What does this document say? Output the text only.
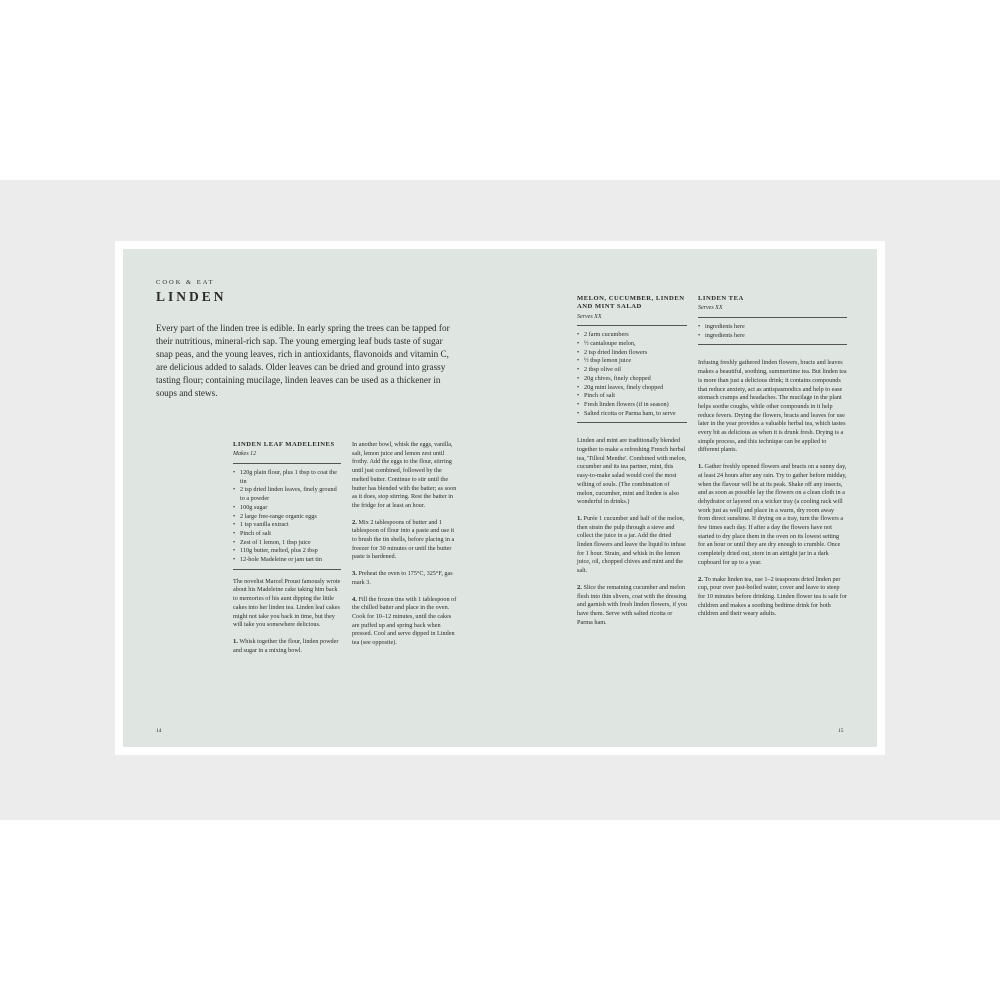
COOK & EAT
LINDEN
Every part of the linden tree is edible. In early spring the trees can be tapped for their nutritious, mineral-rich sap. The young emerging leaf buds taste of sugar snap peas, and the young leaves, rich in antioxidants, flavonoids and vitamin C, are delicious added to salads. Older leaves can be dried and ground into grassy tasting flour; containing mucilage, linden leaves can be used as a thickener in soups and stews.
LINDEN LEAF MADELEINES
Makes 12
• 120g plain flour, plus 1 tbsp to coat the tin
• 2 tsp dried linden leaves, finely ground to a powder
• 100g sugar
• 2 large free-range organic eggs
• 1 tsp vanilla extract
• Pinch of salt
• Zest of 1 lemon, 1 tbsp juice
• 110g butter, melted, plus 2 tbsp
• 12-hole Madeleine or jam tart tin

The novelist Marcel Proust famously wrote about his Madeleine cake taking him back to memories of his aunt dipping the little cakes into her linden tea. Linden leaf cakes might not take you back in time, but they will take you somewhere delicious.

1. Whisk together the flour, linden powder and sugar in a mixing bowl.

In another bowl, whisk the eggs, vanilla, salt, lemon juice and lemon zest until frothy. Add the eggs to the flour, stirring until just combined, followed by the melted butter. Continue to stir until the butter has blended with the batter; as soon as it does, stop stirring. Rest the batter in the fridge for at least an hour.

2. Mix 2 tablespoons of butter and 1 tablespoon of flour into a paste and use it to brush the tin shells, before placing in a freezer for 30 minutes or until the butter paste is hardened.

3. Preheat the oven to 175°C, 325°F, gas mark 3.

4. Fill the frozen tins with 1 tablespoon of the chilled batter and place in the oven. Cook for 10–12 minutes, until the cakes are puffed up and spring back when pressed. Cool and serve dipped in Linden tea (see opposite).

14
MELON, CUCUMBER, LINDEN AND MINT SALAD
Serves XX
• 2 farm cucumbers
• ½ cantaloupe melon,
• 2 tsp dried linden flowers
• ½ tbsp lemon juice
• 2 tbsp olive oil
• 20g chives, finely chopped
• 20g mint leaves, finely chopped
• Pinch of salt
• Fresh linden flowers (if in season)
• Salted ricotta or Parma ham, to serve

Linden and mint are traditionally blended together to make a refreshing French herbal tea, 'Tilleul Menthe'. Combined with melon, cucumber and its tea partner, mint, this easy-to-make salad would cool the most wilting of souls. (The combination of melon, cucumber, mint and linden is also wonderful in drinks.)

1. Purée 1 cucumber and half of the melon, then strain the pulp through a sieve and collect the juice in a jar. Add the dried linden flowers and leave the liquid to infuse for 1 hour. Strain, and whisk in the lemon juice, oil, chopped chives and mint and the salt.

2. Slice the remaining cucumber and melon flesh into thin slivers, coat with the dressing and garnish with fresh linden flowers, if you have them. Serve with salted ricotta or Parma ham.

LINDEN TEA
Serves XX
• ingredients here
• ingredients here

Infusing freshly gathered linden flowers, bracts and leaves makes a beautiful, soothing, summertime tea. But linden tea is more than just a delicious drink; it contains compounds that reduce anxiety, act as antispasmodics and help to ease stomach cramps and headaches. The mucilage in the plant helps soothe coughs, while other compounds in it help reduce fevers. Drying the flowers, bracts and leaves for use later in the year provides a valuable herbal tea, which tastes every bit as delicious as when it is drunk fresh. Drying is a simple process, and this technique can be applied to different plants.

1. Gather freshly opened flowers and bracts on a sunny day, at least 24 hours after any rain. Try to gather before midday, when the flavour will be at its peak. Shake off any insects, and as soon as possible lay the flowers on a clean cloth in a dehydrator or layered on a wicker tray (a cooling rack will work just as well) and place in a warm, dry room away from direct sunshine. If drying on a tray, turn the flowers a few times each day. If after a day the flowers have not started to dry place them in the oven on its lowest setting for an hour or until they are dry enough to crumble. Once completely dried out, store in an airtight jar in a dark cupboard for up to a year.

2. To make linden tea, use 1–2 teaspoons dried linden per cup, pour over just-boiled water, cover and leave to steep for 10 minutes before drinking. Linden flower tea is safe for children and makes a soothing bedtime drink for both children and their weary adults.

15
